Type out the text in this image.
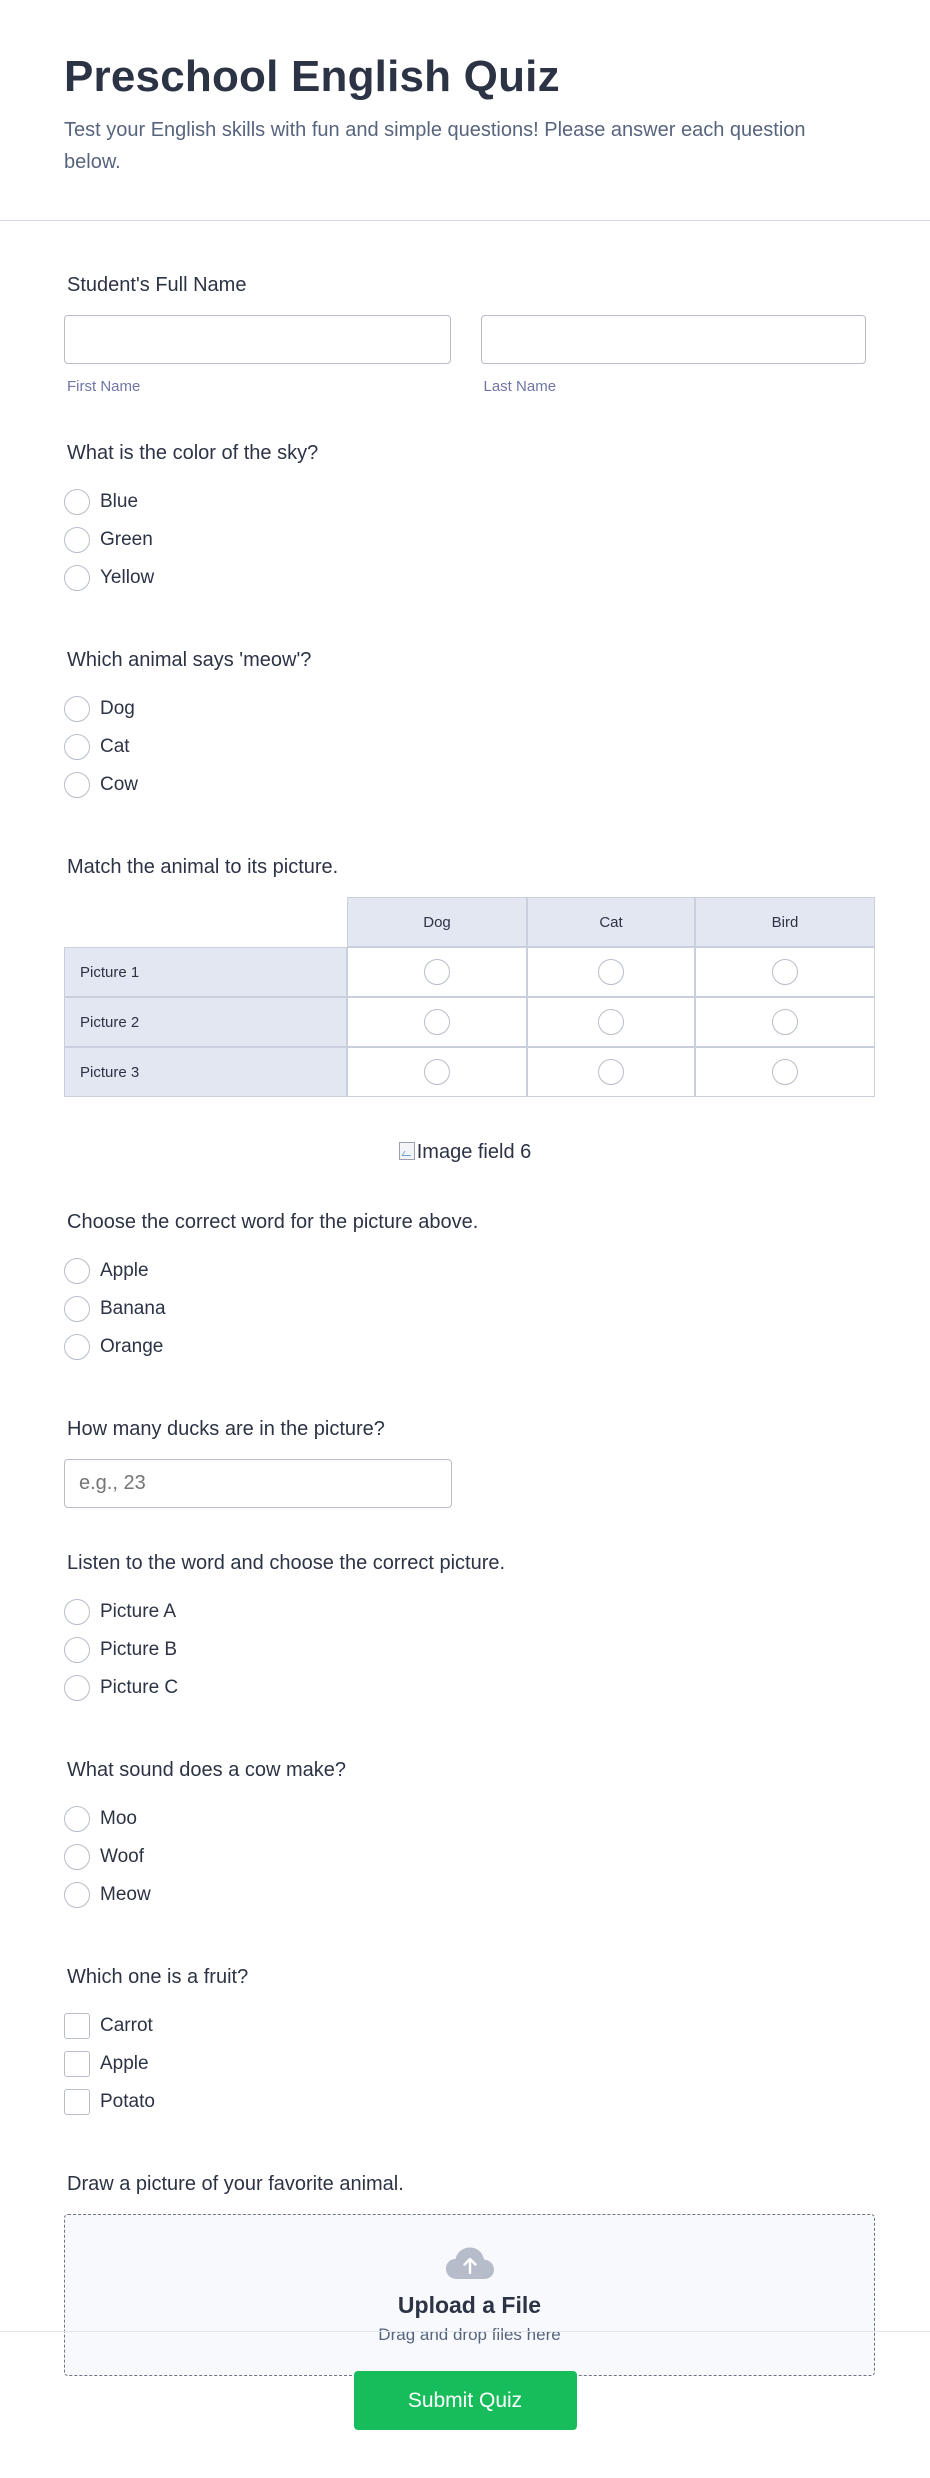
Preschool English Quiz

Test your English skills with fun and simple questions! Please answer each question below.

Student's Full Name
First Name	Last Name
What is the color of the sky?
Blue
Green
Yellow
Which animal says 'meow'?
Dog
Cat
Cow
Match the animal to its picture.
	Dog	Cat	Bird
Picture 1			
Picture 2			
Picture 3			
Image field 6
Choose the correct word for the picture above.
Apple
Banana
Orange
How many ducks are in the picture?
e.g., 23
Listen to the word and choose the correct picture.
Picture A
Picture B
Picture C
What sound does a cow make?
Moo
Woof
Meow
Which one is a fruit?
Carrot
Apple
Potato
Draw a picture of your favorite animal.
Upload a File
Drag and drop files here
Submit Quiz
